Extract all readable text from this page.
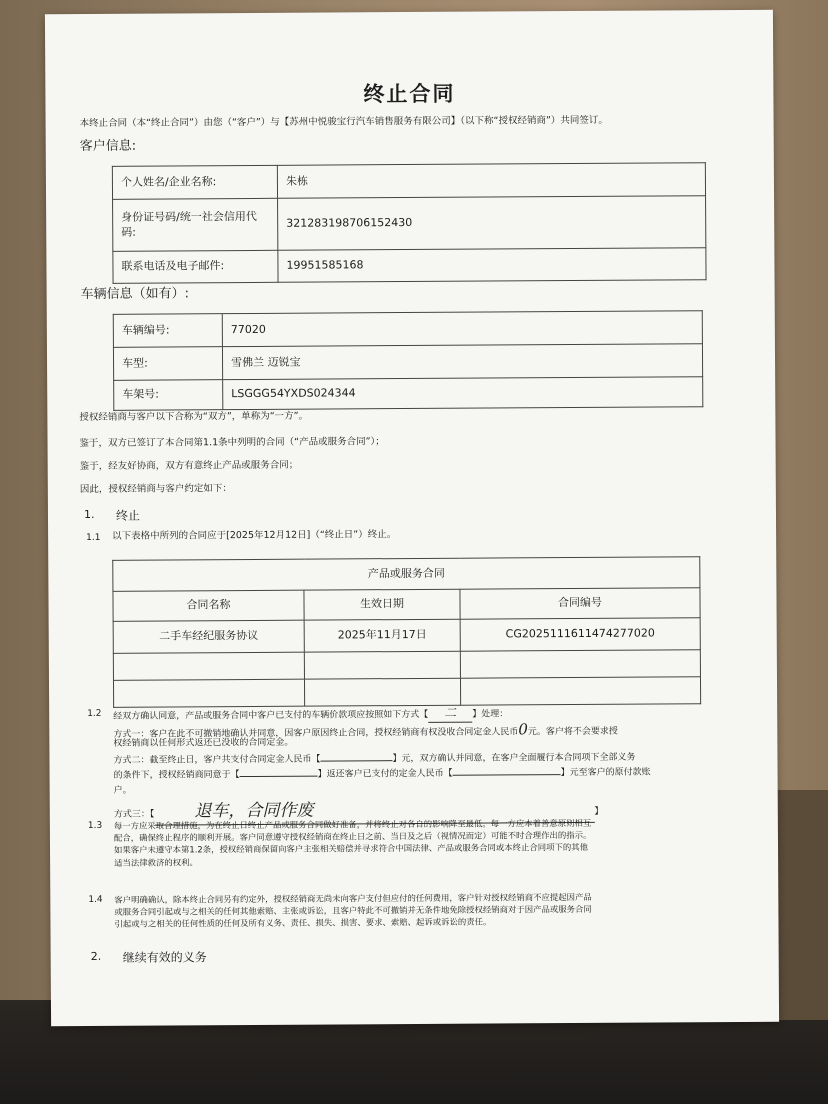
终止合同
本终止合同（本“终止合同”）由您（“客户”）与【苏州中悦骏宝行汽车销售服务有限公司】（以下称“授权经销商”）共同签订。
客户信息:
个人姓名/企业名称:	朱栋
身份证号码/统一社会信用代码:	321283198706152430
联系电话及电子邮件:	19951585168
车辆信息（如有）:
车辆编号:	77020
车型:	雪佛兰 迈锐宝
车架号:	LSGGG54YXDS024344
授权经销商与客户以下合称为“双方”，单称为“一方”。
鉴于，双方已签订了本合同第1.1条中列明的合同（“产品或服务合同”）；
鉴于，经友好协商，双方有意终止产品或服务合同；
因此，授权经销商与客户约定如下：
1. 终止
1.1 以下表格中所列的合同应于[2025年12月12日]（“终止日”）终止。
产品或服务合同		
合同名称	生效日期	合同编号
二手车经纪服务协议	2025年11月17日	CG2025111611474277020

1.2 经双方确认同意，产品或服务合同中客户已支付的车辆价款项应按照如下方式【 二 】处理：
方式一：客户在此不可撤销地确认并同意，因客户原因终止合同，授权经销商有权没收合同定金人民币0元。客户将不会要求授
权经销商以任何形式返还已没收的合同定金。
方式二：截至终止日，客户共支付合同定金人民币【	】元，双方确认并同意，在客户全面履行本合同项下全部义务
的条件下，授权经销商同意于【	】返还客户已支付的定金人民币【	】元至客户的原付款账
户。
方式三：【 退车，合同作废	】
1.3 每一方应采取合理措施，为在终止日终止产品或服务合同做好准备，并将终止对各自的影响降至最低。每一方应本着善意原则相互
配合，确保终止程序的顺利开展。客户同意遵守授权经销商在终止日之前、当日及之后（视情况而定）可能不时合理作出的指示。
如果客户未遵守本第1.2条，授权经销商保留向客户主张相关赔偿并寻求符合中国法律、产品或服务合同或本终止合同项下的其他
适当法律救济的权利。
1.4 客户明确确认，除本终止合同另有约定外，授权经销商无尚未向客户支付但应付的任何费用，客户针对授权经销商不应提起因产品
或服务合同引起或与之相关的任何其他索赔、主张或诉讼，且客户特此不可撤销并无条件地免除授权经销商对于因产品或服务合同
引起或与之相关的任何性质的任何及所有义务、责任、损失、损害、要求、索赔、起诉或诉讼的责任。
2. 继续有效的义务
